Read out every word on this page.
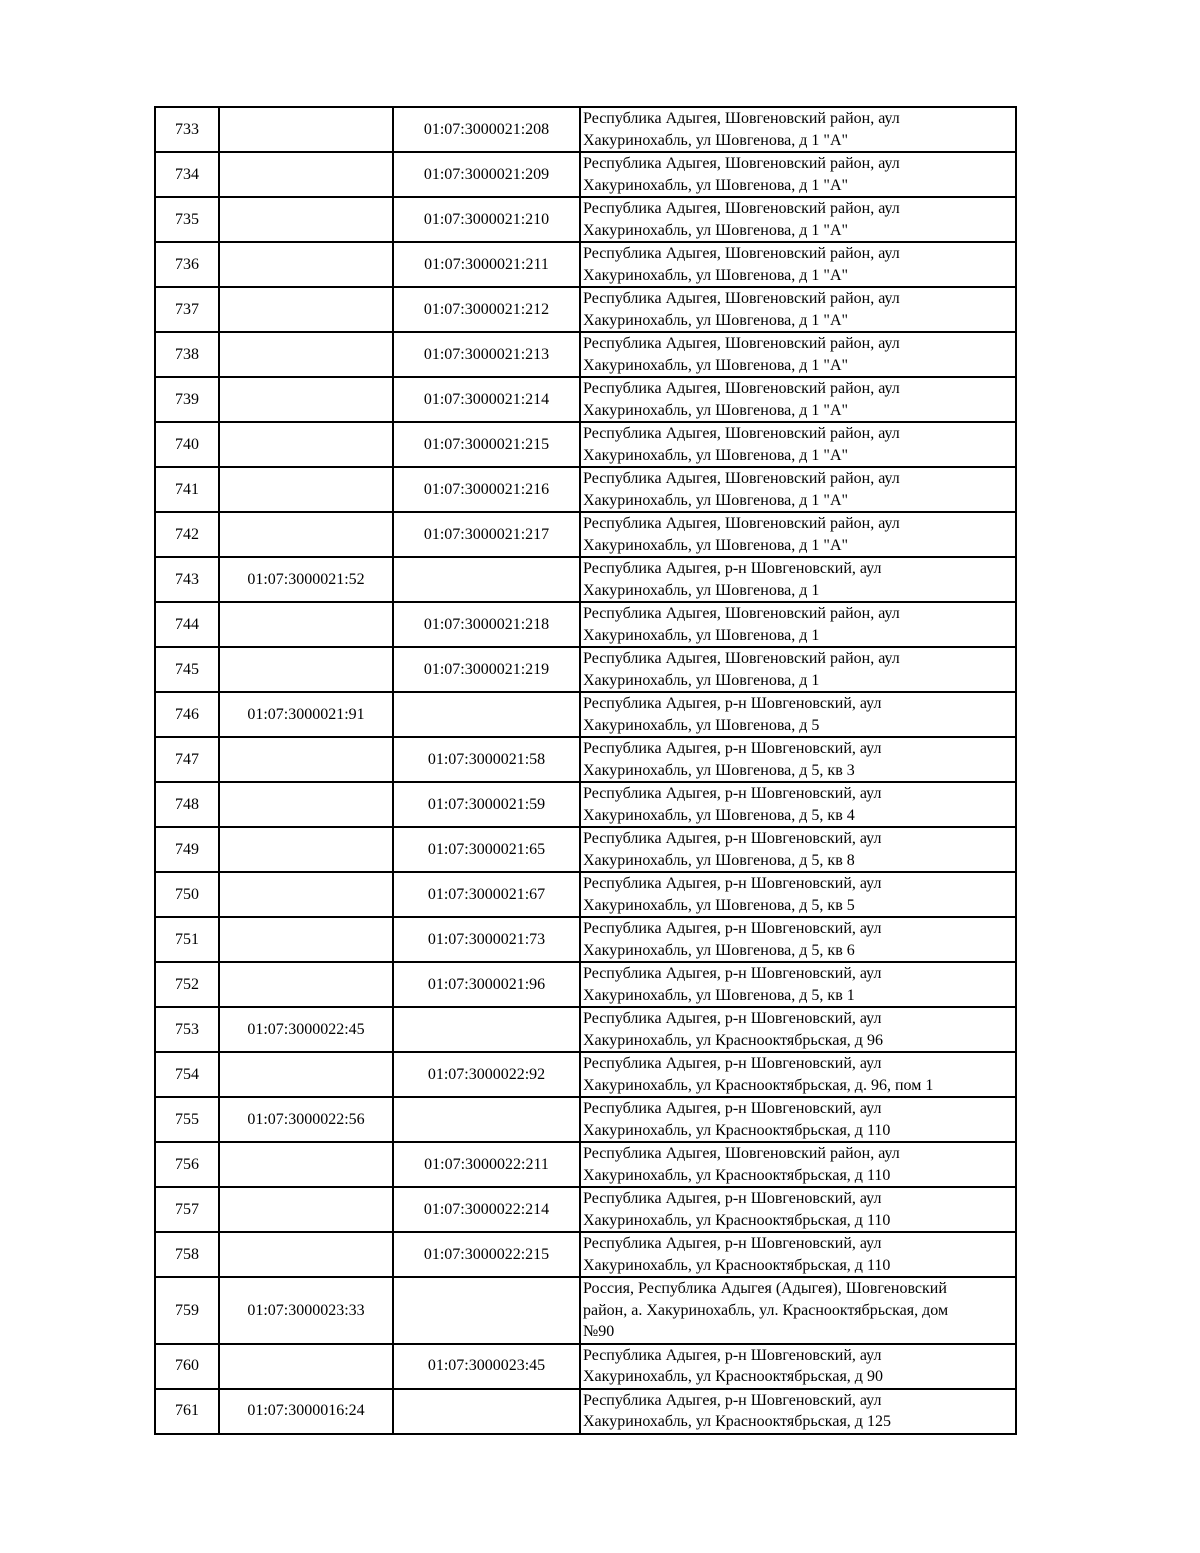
733		01:07:3000021:208	Республика Адыгея, Шовгеновский район, аул
Хакуринохабль, ул Шовгенова, д 1 "А"
734		01:07:3000021:209	Республика Адыгея, Шовгеновский район, аул
Хакуринохабль, ул Шовгенова, д 1 "А"
735		01:07:3000021:210	Республика Адыгея, Шовгеновский район, аул
Хакуринохабль, ул Шовгенова, д 1 "А"
736		01:07:3000021:211	Республика Адыгея, Шовгеновский район, аул
Хакуринохабль, ул Шовгенова, д 1 "А"
737		01:07:3000021:212	Республика Адыгея, Шовгеновский район, аул
Хакуринохабль, ул Шовгенова, д 1 "А"
738		01:07:3000021:213	Республика Адыгея, Шовгеновский район, аул
Хакуринохабль, ул Шовгенова, д 1 "А"
739		01:07:3000021:214	Республика Адыгея, Шовгеновский район, аул
Хакуринохабль, ул Шовгенова, д 1 "А"
740		01:07:3000021:215	Республика Адыгея, Шовгеновский район, аул
Хакуринохабль, ул Шовгенова, д 1 "А"
741		01:07:3000021:216	Республика Адыгея, Шовгеновский район, аул
Хакуринохабль, ул Шовгенова, д 1 "А"
742		01:07:3000021:217	Республика Адыгея, Шовгеновский район, аул
Хакуринохабль, ул Шовгенова, д 1 "А"
743	01:07:3000021:52		Республика Адыгея, р-н Шовгеновский, аул
Хакуринохабль, ул Шовгенова, д 1
744		01:07:3000021:218	Республика Адыгея, Шовгеновский район, аул
Хакуринохабль, ул Шовгенова, д 1
745		01:07:3000021:219	Республика Адыгея, Шовгеновский район, аул
Хакуринохабль, ул Шовгенова, д 1
746	01:07:3000021:91		Республика Адыгея, р-н Шовгеновский, аул
Хакуринохабль, ул Шовгенова, д 5
747		01:07:3000021:58	Республика Адыгея, р-н Шовгеновский, аул
Хакуринохабль, ул Шовгенова, д 5, кв 3
748		01:07:3000021:59	Республика Адыгея, р-н Шовгеновский, аул
Хакуринохабль, ул Шовгенова, д 5, кв 4
749		01:07:3000021:65	Республика Адыгея, р-н Шовгеновский, аул
Хакуринохабль, ул Шовгенова, д 5, кв 8
750		01:07:3000021:67	Республика Адыгея, р-н Шовгеновский, аул
Хакуринохабль, ул Шовгенова, д 5, кв 5
751		01:07:3000021:73	Республика Адыгея, р-н Шовгеновский, аул
Хакуринохабль, ул Шовгенова, д 5, кв 6
752		01:07:3000021:96	Республика Адыгея, р-н Шовгеновский, аул
Хакуринохабль, ул Шовгенова, д 5, кв 1
753	01:07:3000022:45		Республика Адыгея, р-н Шовгеновский, аул
Хакуринохабль, ул Краснооктябрьская, д 96
754		01:07:3000022:92	Республика Адыгея, р-н Шовгеновский, аул
Хакуринохабль, ул Краснооктябрьская, д. 96, пом 1
755	01:07:3000022:56		Республика Адыгея, р-н Шовгеновский, аул
Хакуринохабль, ул Краснооктябрьская, д 110
756		01:07:3000022:211	Республика Адыгея, Шовгеновский район, аул
Хакуринохабль, ул Краснооктябрьская, д 110
757		01:07:3000022:214	Республика Адыгея, р-н Шовгеновский, аул
Хакуринохабль, ул Краснооктябрьская, д 110
758		01:07:3000022:215	Республика Адыгея, р-н Шовгеновский, аул
Хакуринохабль, ул Краснооктябрьская, д 110
759	01:07:3000023:33		Россия, Республика Адыгея (Адыгея), Шовгеновский
район, а. Хакуринохабль, ул. Краснооктябрьская, дом
№90
760		01:07:3000023:45	Республика Адыгея, р-н Шовгеновский, аул
Хакуринохабль, ул Краснооктябрьская, д 90
761	01:07:3000016:24		Республика Адыгея, р-н Шовгеновский, аул
Хакуринохабль, ул Краснооктябрьская, д 125
